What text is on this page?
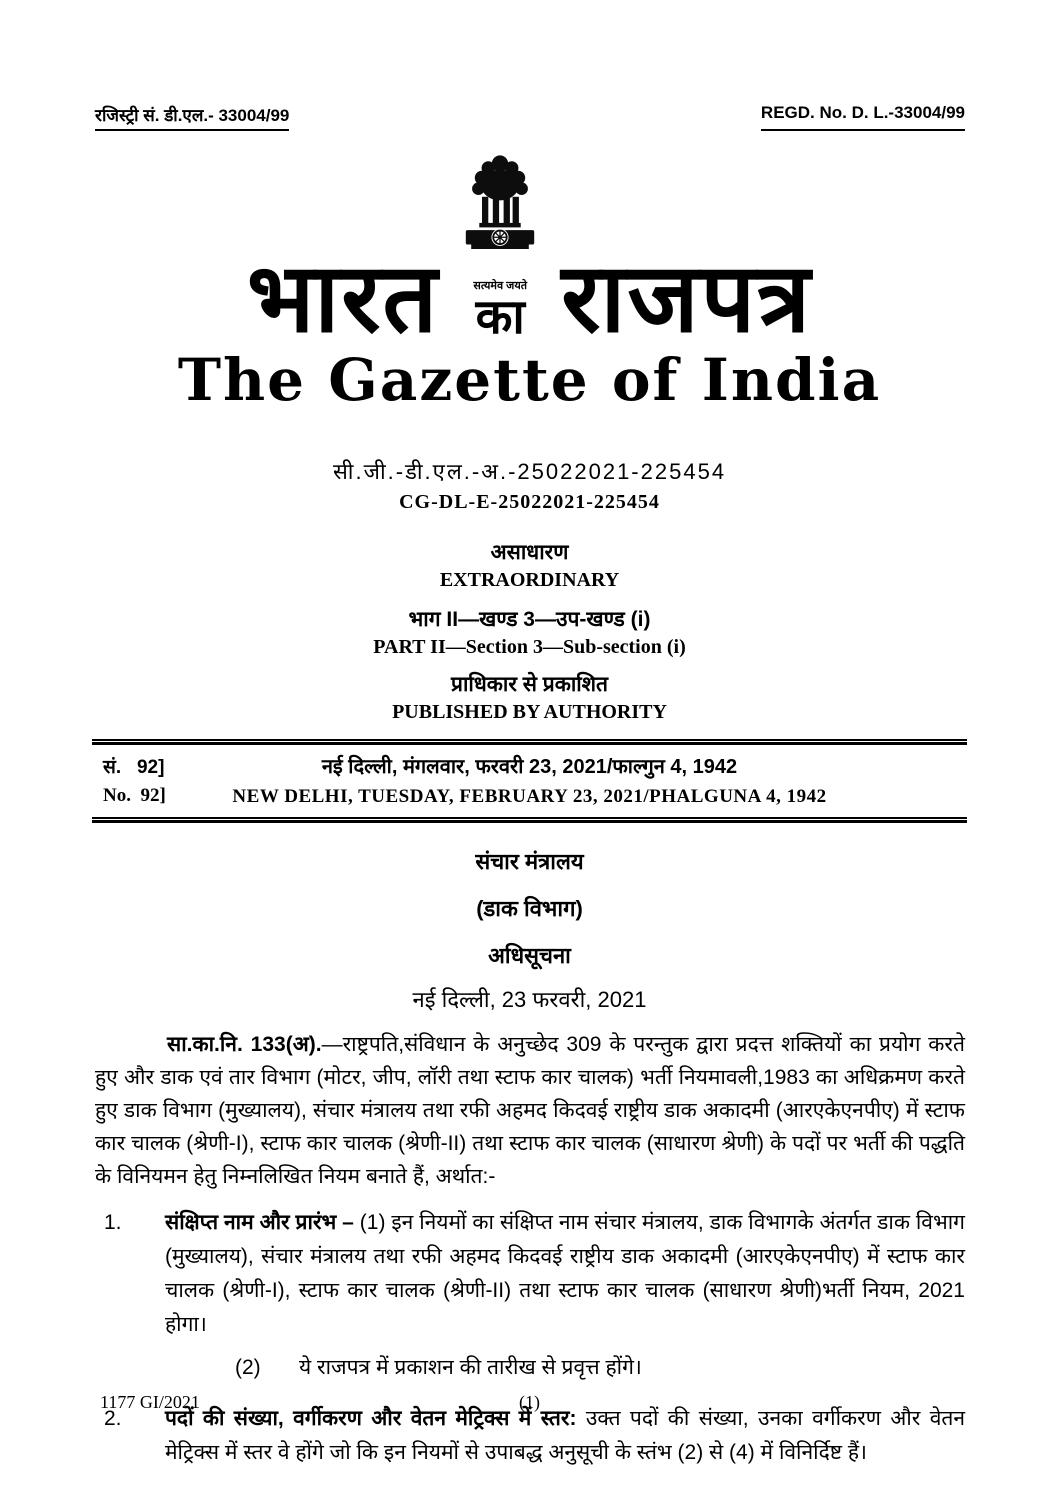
रजिस्ट्री सं. डी.एल.- 33004/99	REGD. No. D. L.-33004/99
भारत	सत्यमेव जयते
का राजपत्र
The Gazette of India
सी.जी.-डी.एल.-अ.-25022021-225454
CG-DL-E-25022021-225454
असाधारण
EXTRAORDINARY
भाग II—खण्ड 3—उप-खण्ड (i)
PART II—Section 3—Sub-section (i)
प्राधिकार से प्रकाशित
PUBLISHED BY AUTHORITY
सं.   92]
No.  92]
नई दिल्ली, मंगलवार, फरवरी 23, 2021/फाल्गुन 4, 1942
NEW DELHI, TUESDAY, FEBRUARY 23, 2021/PHALGUNA 4, 1942
संचार मंत्रालय
(डाक विभाग)
अधिसूचना
नई दिल्ली, 23 फरवरी, 2021
सा.का.नि. 133(अ).—राष्ट्रपति,संविधान के अनुच्छेद 309 के परन्तुक द्वारा प्रदत्त शक्तियों का प्रयोग करते हुए और डाक एवं तार विभाग (मोटर, जीप, लॉरी तथा स्टाफ कार चालक) भर्ती नियमावली,1983 का अधिक्रमण करते हुए डाक विभाग (मुख्यालय), संचार मंत्रालय तथा रफी अहमद किदवई राष्ट्रीय डाक अकादमी (आरएकेएनपीए) में स्टाफ कार चालक (श्रेणी-I), स्टाफ कार चालक (श्रेणी-II) तथा स्टाफ कार चालक (साधारण श्रेणी) के पदों पर भर्ती की पद्धति के विनियमन हेतु निम्नलिखित नियम बनाते हैं, अर्थात:-
1. संक्षिप्त नाम और प्रारंभ – (1) इन नियमों का संक्षिप्त नाम संचार मंत्रालय, डाक विभागके अंतर्गत डाक विभाग (मुख्यालय), संचार मंत्रालय तथा रफी अहमद किदवई राष्ट्रीय डाक अकादमी (आरएकेएनपीए) में स्टाफ कार चालक (श्रेणी-I), स्टाफ कार चालक (श्रेणी-II) तथा स्टाफ कार चालक (साधारण श्रेणी)भर्ती नियम, 2021 होगा।
(2)	ये राजपत्र में प्रकाशन की तारीख से प्रवृत्त होंगे।
2. पदों की संख्या, वर्गीकरण और वेतन मेट्रिक्स में स्तर: उक्त पदों की संख्या, उनका वर्गीकरण और वेतन मेट्रिक्स में स्तर वे होंगे जो कि इन नियमों से उपाबद्ध अनुसूची के स्तंभ (2) से (4) में विनिर्दिष्ट हैं।
1177 GI/2021	(1)
